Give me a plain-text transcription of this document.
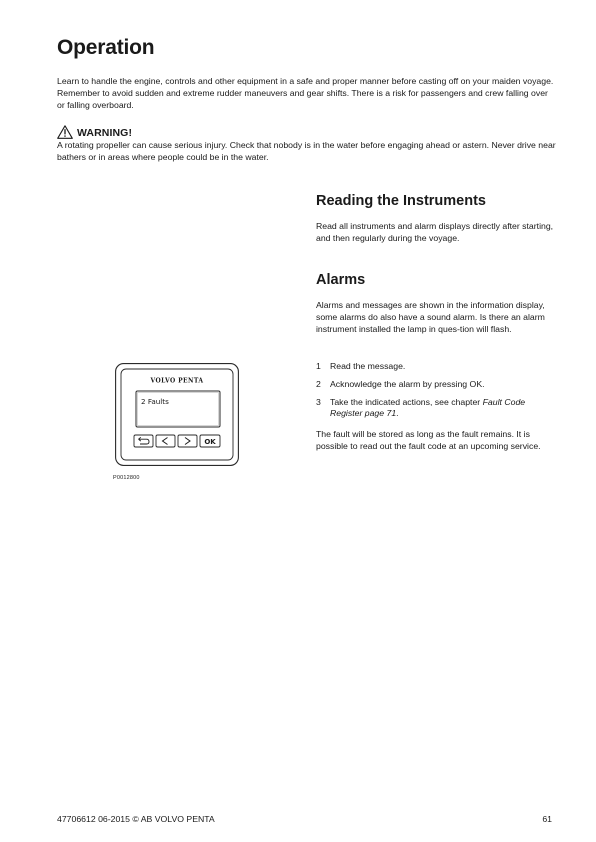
Operation

Learn to handle the engine, controls and other equipment in a safe and proper manner before casting off on your maiden voyage. Remember to avoid sudden and extreme rudder maneuvers and gear shifts. There is a risk for passengers and crew falling over or falling overboard.

WARNING!

A rotating propeller can cause serious injury. Check that nobody is in the water before engaging ahead or astern. Never drive near bathers or in areas where people could be in the water.

Reading the Instruments

Read all instruments and alarm displays directly after starting, and then regularly during the voyage.

Alarms

Alarms and messages are shown in the information display, some alarms do also have a sound alarm. Is there an alarm instrument installed the lamp in ques-tion will flash.

1	Read the message.
2	Acknowledge the alarm by pressing OK.
3	Take the indicated actions, see chapter Fault Code Register page 71.

The fault will be stored as long as the fault remains. It is possible to read out the fault code at an upcoming service.

VOLVO PENTA
2 Faults
OK

P0012800

47706612 06-2015 © AB VOLVO PENTA	61
